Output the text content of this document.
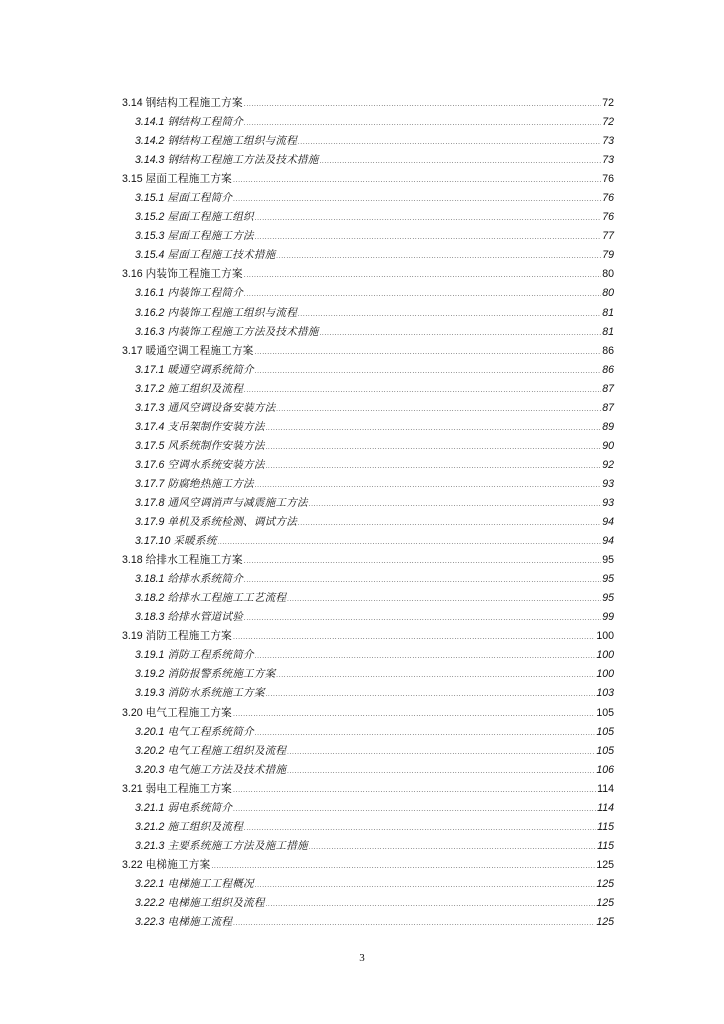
3.14 钢结构工程施工方案 .....	72
3.14.1 钢结构工程简介 .....	72
3.14.2 钢结构工程施工组织与流程 .....	73
3.14.3 钢结构工程施工方法及技术措施 .....	73
3.15 屋面工程施工方案 .....	76
3.15.1 屋面工程简介 .....	76
3.15.2 屋面工程施工组织 .....	76
3.15.3 屋面工程施工方法 .....	77
3.15.4 屋面工程施工技术措施 .....	79
3.16 内装饰工程施工方案 .....	80
3.16.1 内装饰工程简介 .....	80
3.16.2 内装饰工程施工组织与流程 .....	81
3.16.3 内装饰工程施工方法及技术措施 .....	81
3.17 暖通空调工程施工方案 .....	86
3.17.1 暖通空调系统简介 .....	86
3.17.2 施工组织及流程 .....	87
3.17.3 通风空调设备安装方法 .....	87
3.17.4 支吊架制作安装方法 .....	89
3.17.5 风系统制作安装方法 .....	90
3.17.6 空调水系统安装方法 .....	92
3.17.7 防腐绝热施工方法 .....	93
3.17.8 通风空调消声与减震施工方法 .....	93
3.17.9 单机及系统检测、调试方法 .....	94
3.17.10 采暖系统 .....	94
3.18 给排水工程施工方案 .....	95
3.18.1 给排水系统简介 .....	95
3.18.2 给排水工程施工工艺流程 .....	95
3.18.3 给排水管道试验 .....	99
3.19 消防工程施工方案 .....	100
3.19.1 消防工程系统简介 .....	100
3.19.2 消防报警系统施工方案 .....	100
3.19.3 消防水系统施工方案 .....	103
3.20 电气工程施工方案 .....	105
3.20.1 电气工程系统简介 .....	105
3.20.2 电气工程施工组织及流程 .....	105
3.20.3 电气施工方法及技术措施 .....	106
3.21 弱电工程施工方案 .....	114
3.21.1 弱电系统简介 .....	114
3.21.2 施工组织及流程 .....	115
3.21.3 主要系统施工方法及施工措施 .....	115
3.22 电梯施工方案 .....	125
3.22.1 电梯施工工程概况 .....	125
3.22.2 电梯施工组织及流程 .....	125
3.22.3 电梯施工流程 .....	125
3
